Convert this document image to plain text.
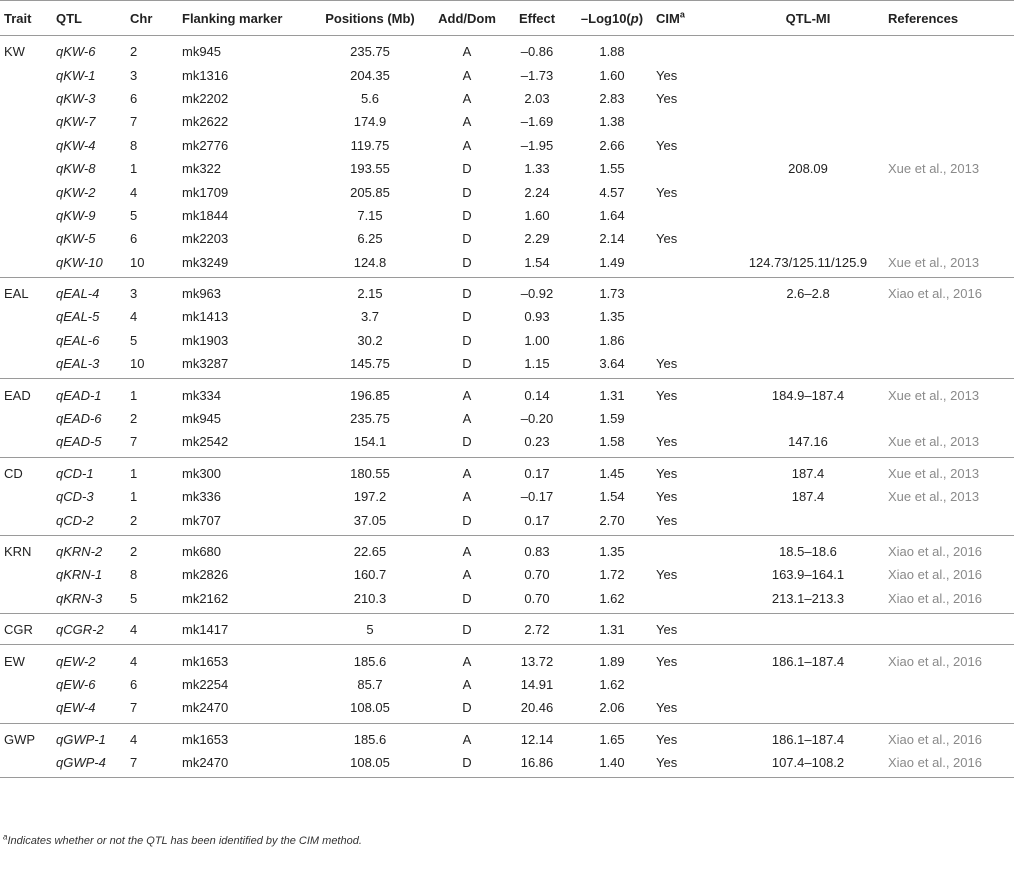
Trait	QTL	Chr	Flanking marker	Positions (Mb)	Add/Dom	Effect	–Log10(p)	CIM$^a$	QTL-MI	References
KW	qKW-6	2	mk945	235.75	A	–0.86	1.88			
	qKW-1	3	mk1316	204.35	A	–1.73	1.60	Yes		
	qKW-3	6	mk2202	5.6	A	2.03	2.83	Yes		
	qKW-7	7	mk2622	174.9	A	–1.69	1.38			
	qKW-4	8	mk2776	119.75	A	–1.95	2.66	Yes		
	qKW-8	1	mk322	193.55	D	1.33	1.55		208.09	Xue et al., 2013
	qKW-2	4	mk1709	205.85	D	2.24	4.57	Yes		
	qKW-9	5	mk1844	7.15	D	1.60	1.64			
	qKW-5	6	mk2203	6.25	D	2.29	2.14	Yes		
	qKW-10	10	mk3249	124.8	D	1.54	1.49		124.73/125.11/125.9	Xue et al., 2013
EAL	qEAL-4	3	mk963	2.15	D	–0.92	1.73		2.6–2.8	Xiao et al., 2016
	qEAL-5	4	mk1413	3.7	D	0.93	1.35			
	qEAL-6	5	mk1903	30.2	D	1.00	1.86			
	qEAL-3	10	mk3287	145.75	D	1.15	3.64	Yes		
EAD	qEAD-1	1	mk334	196.85	A	0.14	1.31	Yes	184.9–187.4	Xue et al., 2013
	qEAD-6	2	mk945	235.75	A	–0.20	1.59			
	qEAD-5	7	mk2542	154.1	D	0.23	1.58	Yes	147.16	Xue et al., 2013
CD	qCD-1	1	mk300	180.55	A	0.17	1.45	Yes	187.4	Xue et al., 2013
	qCD-3	1	mk336	197.2	A	–0.17	1.54	Yes	187.4	Xue et al., 2013
	qCD-2	2	mk707	37.05	D	0.17	2.70	Yes		
KRN	qKRN-2	2	mk680	22.65	A	0.83	1.35		18.5–18.6	Xiao et al., 2016
	qKRN-1	8	mk2826	160.7	A	0.70	1.72	Yes	163.9–164.1	Xiao et al., 2016
	qKRN-3	5	mk2162	210.3	D	0.70	1.62		213.1–213.3	Xiao et al., 2016
CGR	qCGR-2	4	mk1417	5	D	2.72	1.31	Yes		
EW	qEW-2	4	mk1653	185.6	A	13.72	1.89	Yes	186.1–187.4	Xiao et al., 2016
	qEW-6	6	mk2254	85.7	A	14.91	1.62			
	qEW-4	7	mk2470	108.05	D	20.46	2.06	Yes		
GWP	qGWP-1	4	mk1653	185.6	A	12.14	1.65	Yes	186.1–187.4	Xiao et al., 2016
	qGWP-4	7	mk2470	108.05	D	16.86	1.40	Yes	107.4–108.2	Xiao et al., 2016
$^a$Indicates whether or not the QTL has been identified by the CIM method.
